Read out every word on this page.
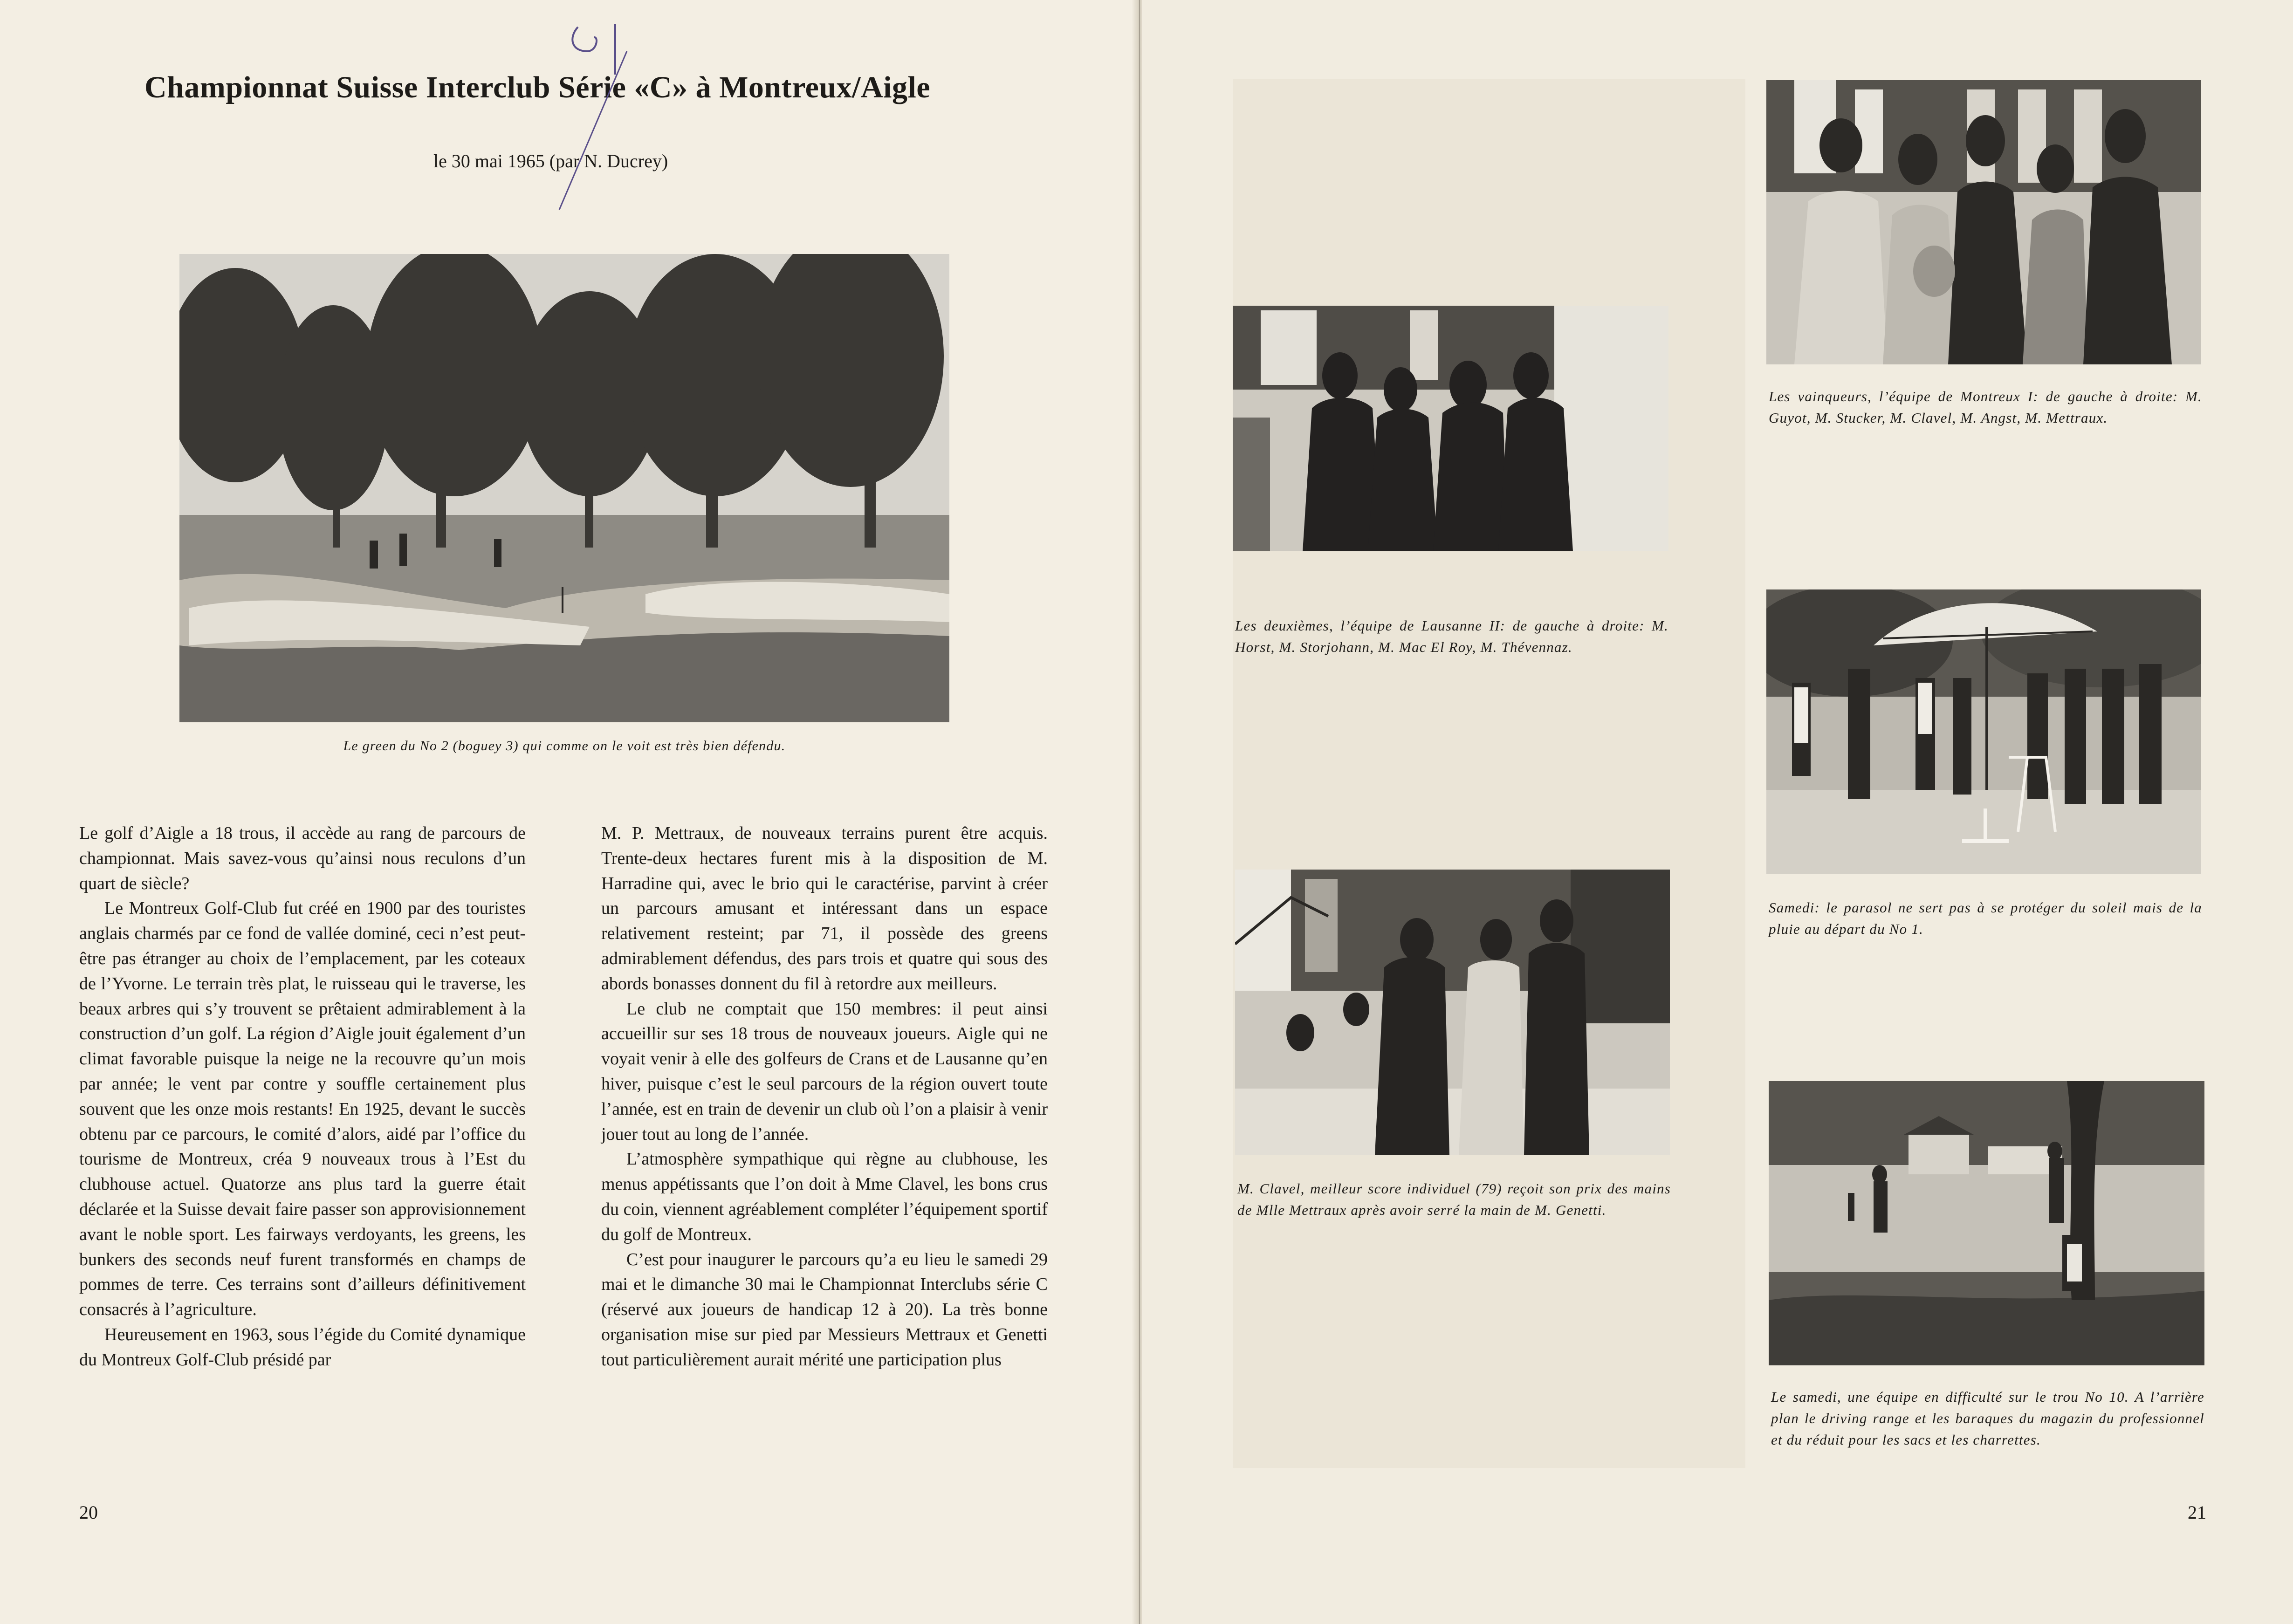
Championnat Suisse Interclub Série «C» à Montreux/Aigle
le 30 mai 1965 (par N. Ducrey)
Le green du No 2 (boguey 3) qui comme on le voit est très bien défendu.

Le golf d’Aigle a 18 trous, il accède au rang de parcours de championnat. Mais savez-vous qu’ainsi nous reculons d’un quart de siècle?

Le Montreux Golf-Club fut créé en 1900 par des touristes anglais charmés par ce fond de vallée dominé, ceci n’est peut-être pas étranger au choix de l’emplacement, par les coteaux de l’Yvorne. Le terrain très plat, le ruisseau qui le traverse, les beaux arbres qui s’y trouvent se prêtaient admirablement à la construction d’un golf. La région d’Aigle jouit également d’un climat favorable puisque la neige ne la recouvre qu’un mois par année; le vent par contre y souffle certainement plus souvent que les onze mois restants! En 1925, devant le succès obtenu par ce parcours, le comité d’alors, aidé par l’office du tourisme de Montreux, créa 9 nouveaux trous à l’Est du clubhouse actuel. Quatorze ans plus tard la guerre était déclarée et la Suisse devait faire passer son approvisionnement avant le noble sport. Les fairways verdoyants, les greens, les bunkers des seconds neuf furent transformés en champs de pommes de terre. Ces terrains sont d’ailleurs définitivement consacrés à l’agriculture.

Heureusement en 1963, sous l’égide du Comité dynamique du Montreux Golf-Club présidé par

M. P. Mettraux, de nouveaux terrains purent être acquis. Trente-deux hectares furent mis à la disposition de M. Harradine qui, avec le brio qui le caractérise, parvint à créer un parcours amusant et intéressant dans un espace relativement resteint; par 71, il possède des greens admirablement défendus, des pars trois et quatre qui sous des abords bonasses donnent du fil à retordre aux meilleurs.

Le club ne comptait que 150 membres: il peut ainsi accueillir sur ses 18 trous de nouveaux joueurs. Aigle qui ne voyait venir à elle des golfeurs de Crans et de Lausanne qu’en hiver, puisque c’est le seul parcours de la région ouvert toute l’année, est en train de devenir un club où l’on a plaisir à venir jouer tout au long de l’année.

L’atmosphère sympathique qui règne au clubhouse, les menus appétissants que l’on doit à Mme Clavel, les bons crus du coin, viennent agréablement compléter l’équipement sportif du golf de Montreux.

C’est pour inaugurer le parcours qu’a eu lieu le samedi 29 mai et le dimanche 30 mai le Championnat Interclubs série C (réservé aux joueurs de handicap 12 à 20). La très bonne organisation mise sur pied par Messieurs Mettraux et Genetti tout particulièrement aurait mérité une participation plus

20
Les vainqueurs, l’équipe de Montreux I: de gauche à droite: M. Guyot, M. Stucker, M. Clavel, M. Angst, M. Mettraux.
Les deuxièmes, l’équipe de Lausanne II: de gauche à droite: M. Horst, M. Storjohann, M. Mac El Roy, M. Thévennaz.
Samedi: le parasol ne sert pas à se protéger du soleil mais de la pluie au départ du No 1.
M. Clavel, meilleur score individuel (79) reçoit son prix des mains de Mlle Mettraux après avoir serré la main de M. Genetti.
Le samedi, une équipe en difficulté sur le trou No 10. A l’arrière plan le driving range et les baraques du magazin du professionnel et du réduit pour les sacs et les charrettes.
21
